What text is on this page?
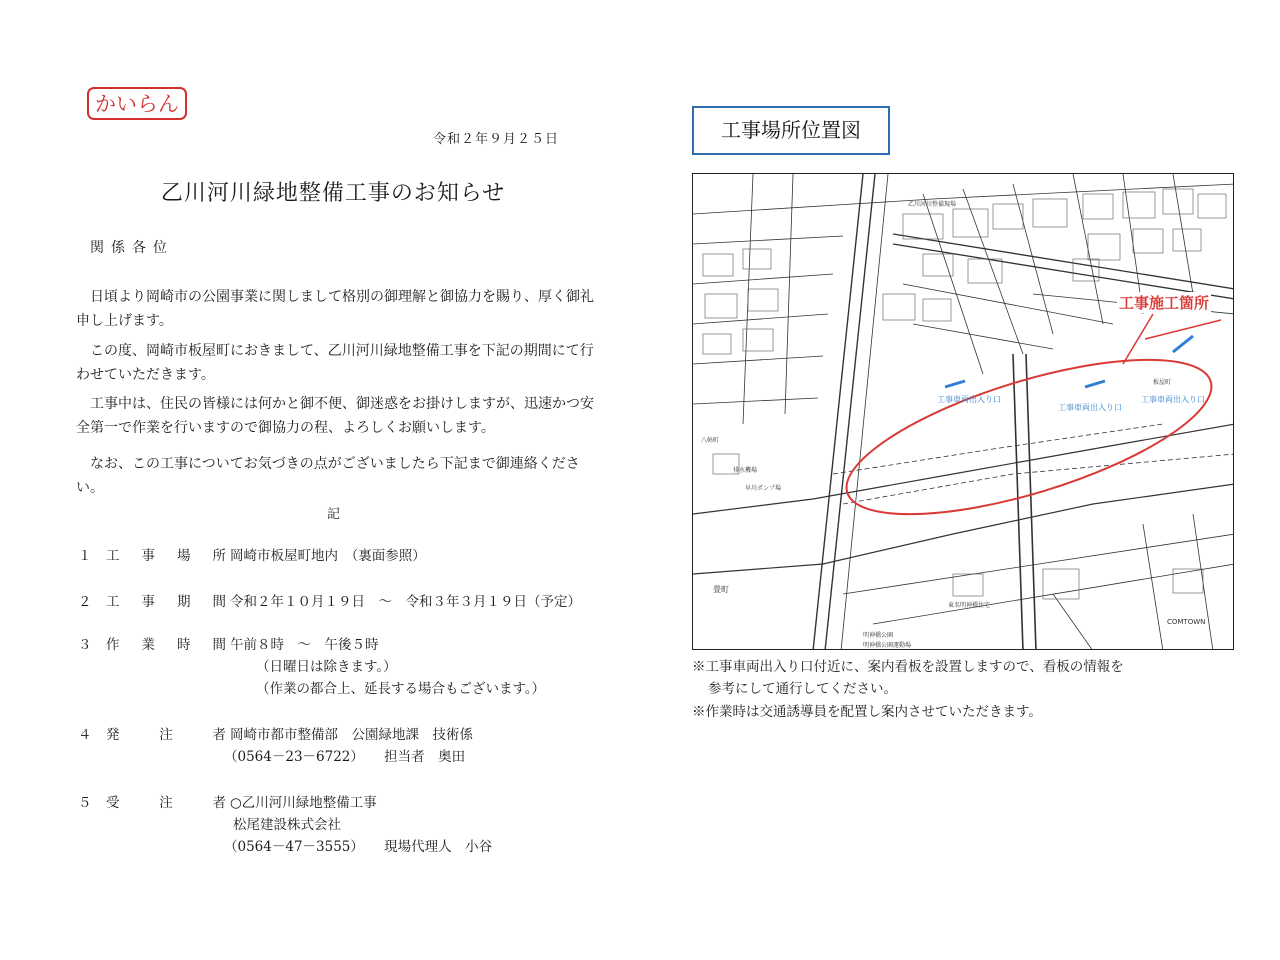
かいらん
令和２年９月２５日
乙川河川緑地整備工事のお知らせ
関係各位

日頃より岡崎市の公園事業に関しまして格別の御理解と御協力を賜り、厚く御礼申し上げます。

この度、岡崎市板屋町におきまして、乙川河川緑地整備工事を下記の期間にて行わせていただきます。

工事中は、住民の皆様には何かと御不便、御迷惑をお掛けしますが、迅速かつ安全第一で作業を行いますので御協力の程、よろしくお願いします。

なお、この工事についてお気づきの点がございましたら下記まで御連絡ください。

記
１ 工 事 場 所 岡崎市板屋町地内　（裏面参照）
２ 工 事 期 間 令和２年１０月１９日　～　令和３年３月１９日（予定）
３ 作 業 時 間 午前８時　～　午後５時
（日曜日は除きます。）
（作業の都合上、延長する場合もございます。）
４ 発	注	者 岡崎市都市整備部　公園緑地課　技術係
（0564－23－6722）　　担当者　奥田
５ 受	注	者 ○乙川河川緑地整備工事
松尾建設株式会社
（0564－47－3555）　　現場代理人　小谷
工事場所位置図
乙川河川整備現場
明神橋公園
明神橋公園運動場
東名明神橋住宅
COMTOWN
畳町
早川ポンプ場
排水機場
八帖町
板屋町
工事車両出入り口
工事車両出入り口
工事車両出入り口
工事施工箇所
※工事車両出入り口付近に、案内看板を設置しますので、看板の情報を
参考にして通行してください。
※作業時は交通誘導員を配置し案内させていただきます。
